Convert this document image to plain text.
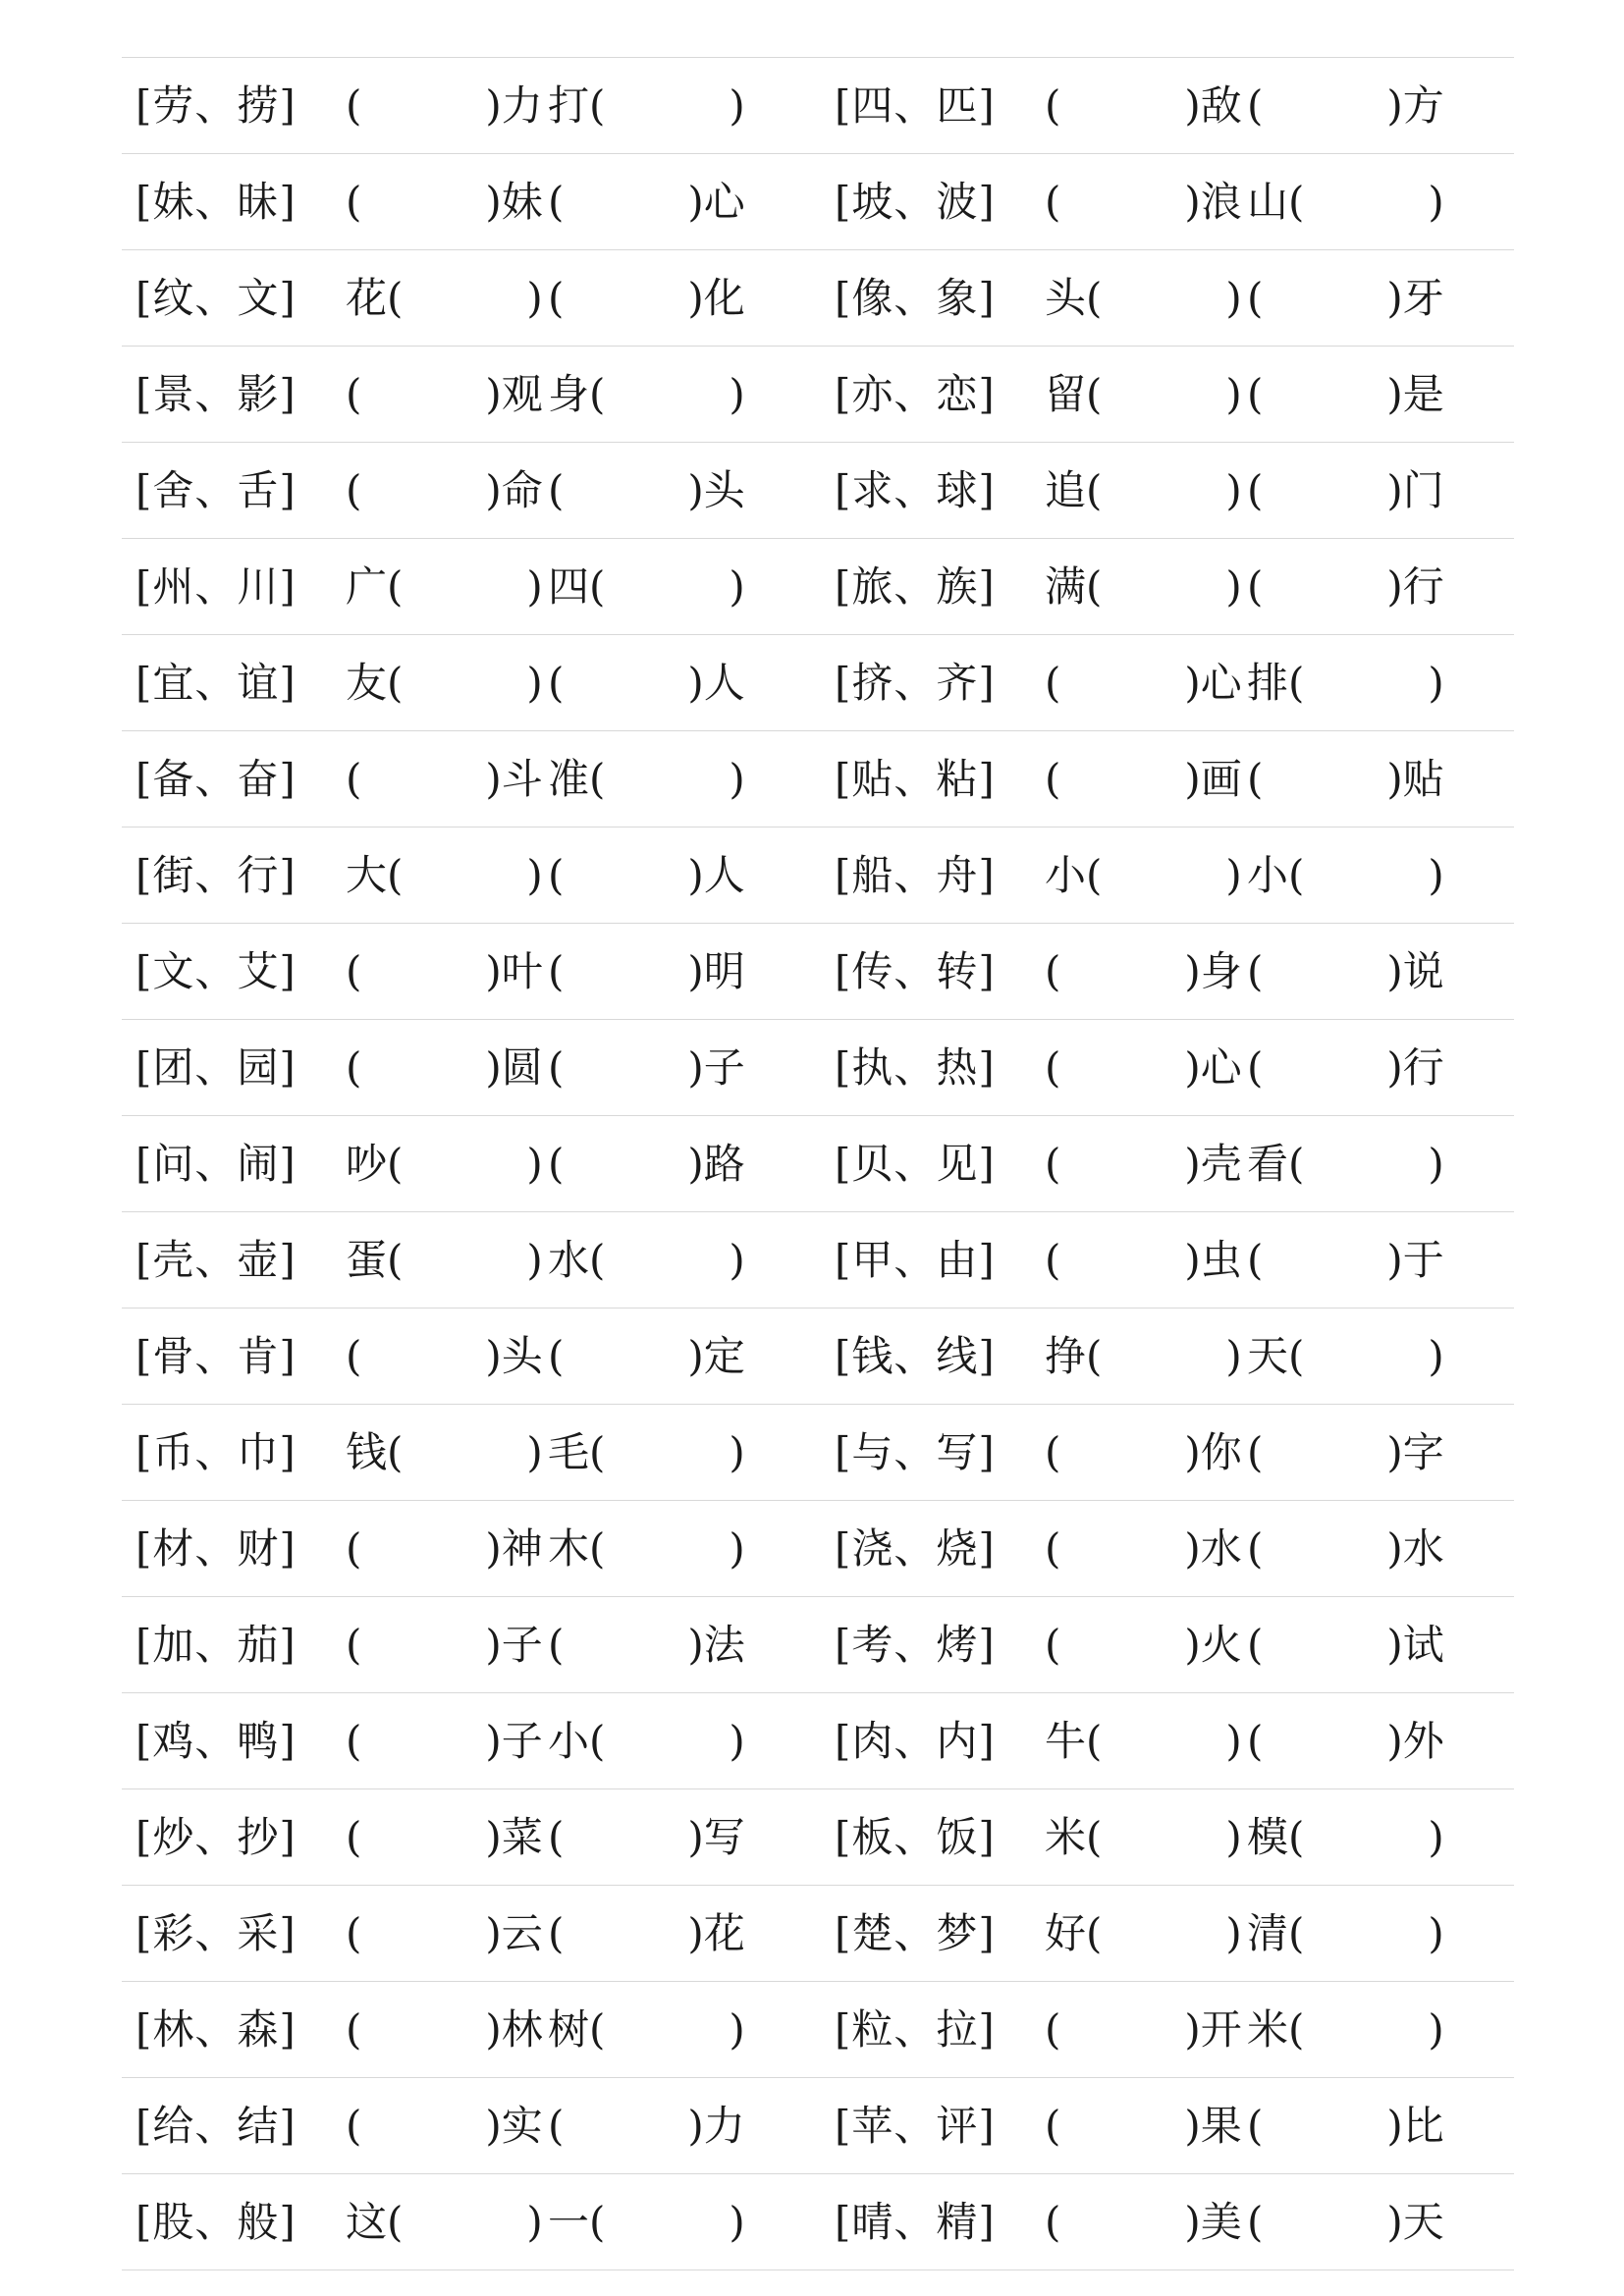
[劳、捞] (　　　)力 打(　　　) [四、匹] (　　　)敌 (　　　)方
[妹、昧] (　　　)妹 (　　　)心 [坡、波] (　　　)浪 山(　　　)
[纹、文] 花(　　　) (　　　)化 [像、象] 头(　　　) (　　　)牙
[景、影] (　　　)观 身(　　　) [亦、恋] 留(　　　) (　　　)是
[舍、舌] (　　　)命 (　　　)头 [求、球] 追(　　　) (　　　)门
[州、川] 广(　　　) 四(　　　) [旅、族] 满(　　　) (　　　)行
[宜、谊] 友(　　　) (　　　)人 [挤、齐] (　　　)心 排(　　　)
[备、奋] (　　　)斗 准(　　　) [贴、粘] (　　　)画 (　　　)贴
[街、行] 大(　　　) (　　　)人 [船、舟] 小(　　　) 小(　　　)
[文、艾] (　　　)叶 (　　　)明 [传、转] (　　　)身 (　　　)说
[团、园] (　　　)圆 (　　　)子 [执、热] (　　　)心 (　　　)行
[问、闹] 吵(　　　) (　　　)路 [贝、见] (　　　)壳 看(　　　)
[壳、壶] 蛋(　　　) 水(　　　) [甲、由] (　　　)虫 (　　　)于
[骨、肯] (　　　)头 (　　　)定 [钱、线] 挣(　　　) 天(　　　)
[币、巾] 钱(　　　) 毛(　　　) [与、写] (　　　)你 (　　　)字
[材、财] (　　　)神 木(　　　) [浇、烧] (　　　)水 (　　　)水
[加、茄] (　　　)子 (　　　)法 [考、烤] (　　　)火 (　　　)试
[鸡、鸭] (　　　)子 小(　　　) [肉、内] 牛(　　　) (　　　)外
[炒、抄] (　　　)菜 (　　　)写 [板、饭] 米(　　　) 模(　　　)
[彩、采] (　　　)云 (　　　)花 [楚、梦] 好(　　　) 清(　　　)
[林、森] (　　　)林 树(　　　) [粒、拉] (　　　)开 米(　　　)
[给、结] (　　　)实 (　　　)力 [苹、评] (　　　)果 (　　　)比
[股、般] 这(　　　) 一(　　　) [晴、精] (　　　)美 (　　　)天
